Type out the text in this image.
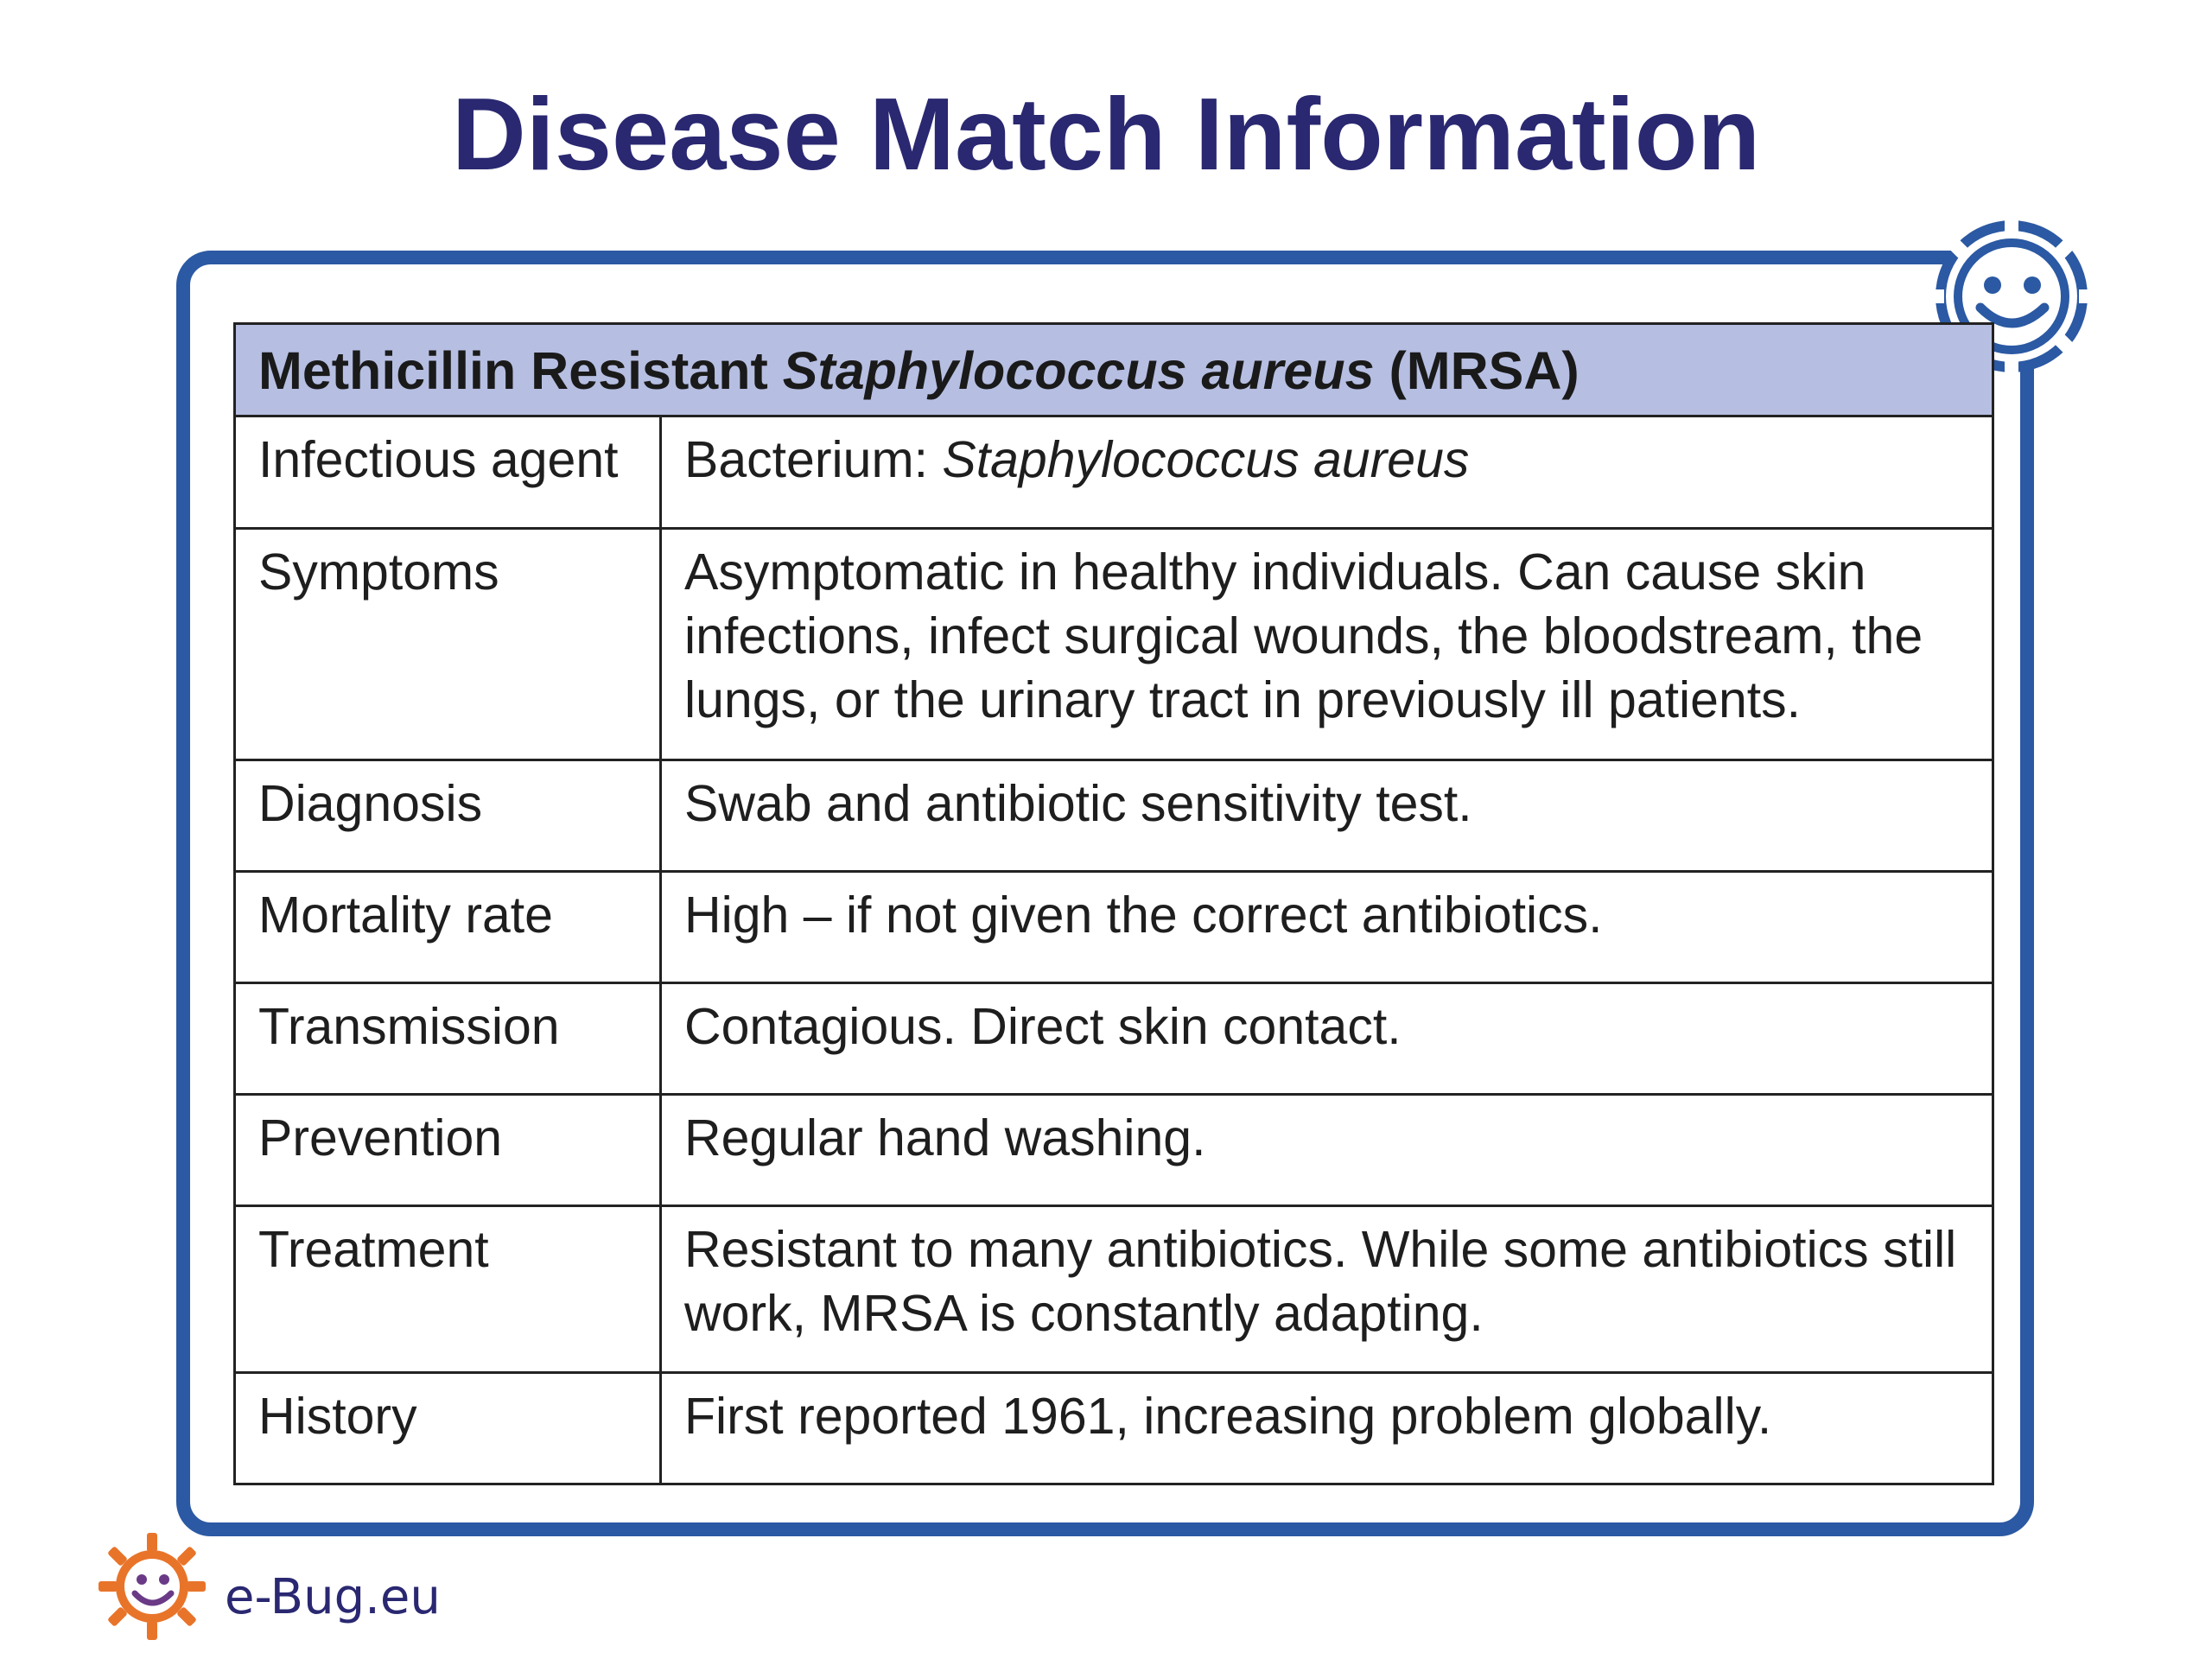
Disease Match Information
Methicillin Resistant Staphylococcus aureus (MRSA)	
Infectious agent	Bacterium: Staphylococcus aureus
Symptoms	Asymptomatic in healthy individuals. Can cause skin infections, infect surgical wounds, the bloodstream, the lungs, or the urinary tract in previously ill patients.
Diagnosis	Swab and antibiotic sensitivity test.
Mortality rate	High – if not given the correct antibiotics.
Transmission	Contagious. Direct skin contact.
Prevention	Regular hand washing.
Treatment	Resistant to many antibiotics. While some antibiotics still work, MRSA is constantly adapting.
History	First reported 1961, increasing problem globally.
e-Bug.eu
